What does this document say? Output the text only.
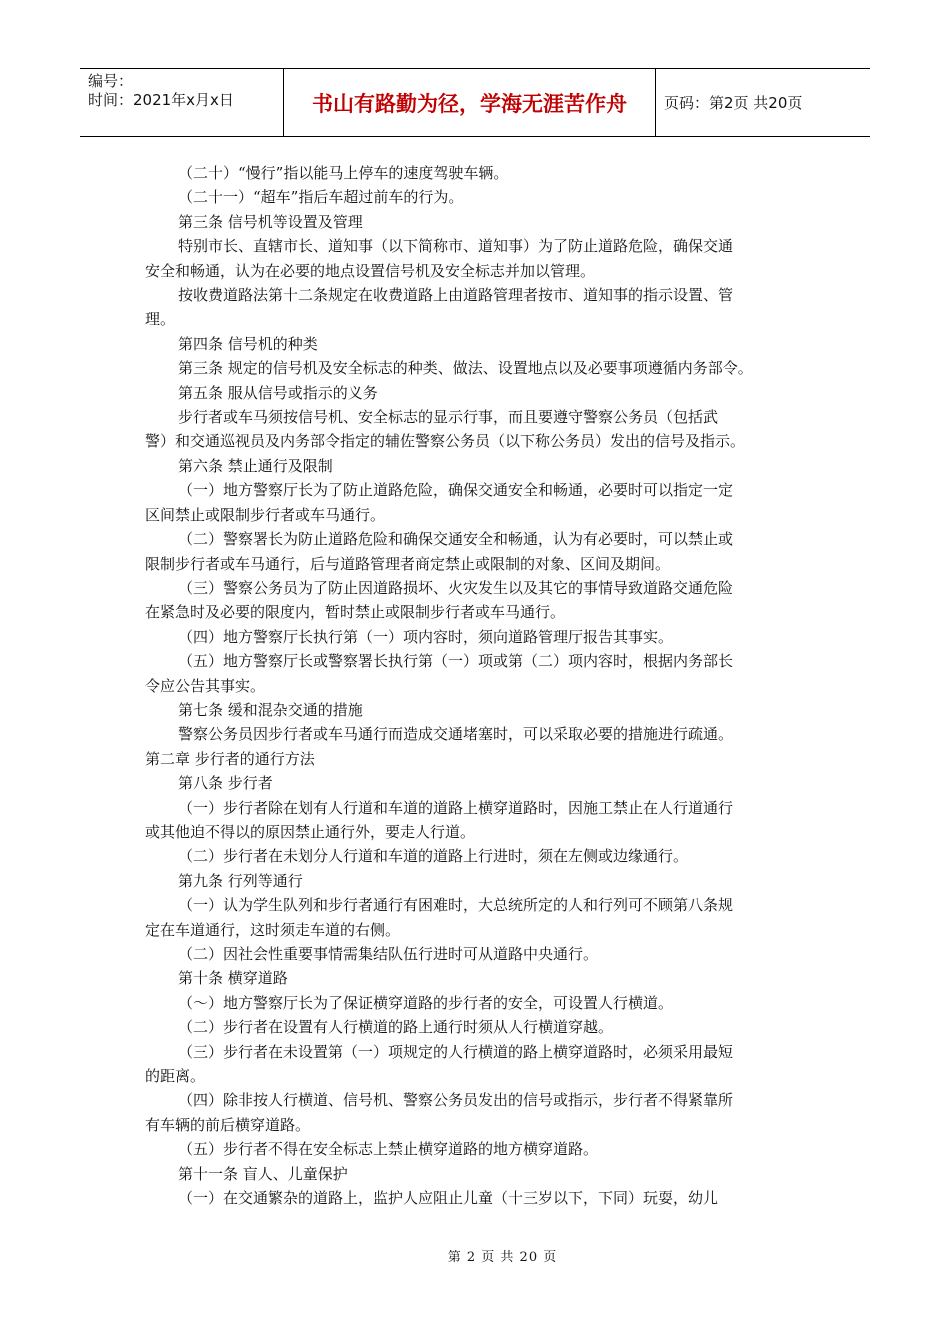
编号：
时间：2021年x月x日	书山有路勤为径，学海无涯苦作舟	页码：第2页 共20页
（二十）“慢行”指以能马上停车的速度驾驶车辆。
（二十一）“超车”指后车超过前车的行为。
第三条 信号机等设置及管理
特别市长、直辖市长、道知事（以下简称市、道知事）为了防止道路危险，确保交通
安全和畅通，认为在必要的地点设置信号机及安全标志并加以管理。
按收费道路法第十二条规定在收费道路上由道路管理者按市、道知事的指示设置、管
理。
第四条 信号机的种类
第三条 规定的信号机及安全标志的种类、做法、设置地点以及必要事项遵循内务部令。
第五条 服从信号或指示的义务
步行者或车马须按信号机、安全标志的显示行事，而且要遵守警察公务员（包括武
警）和交通巡视员及内务部令指定的辅佐警察公务员（以下称公务员）发出的信号及指示。
第六条 禁止通行及限制
（一）地方警察厅长为了防止道路危险，确保交通安全和畅通，必要时可以指定一定
区间禁止或限制步行者或车马通行。
（二）警察署长为防止道路危险和确保交通安全和畅通，认为有必要时，可以禁止或
限制步行者或车马通行，后与道路管理者商定禁止或限制的对象、区间及期间。
（三）警察公务员为了防止因道路损坏、火灾发生以及其它的事情导致道路交通危险
在紧急时及必要的限度内，暂时禁止或限制步行者或车马通行。
（四）地方警察厅长执行第（一）项内容时，须向道路管理厅报告其事实。
（五）地方警察厅长或警察署长执行第（一）项或第（二）项内容时，根据内务部长
令应公告其事实。
第七条 缓和混杂交通的措施
警察公务员因步行者或车马通行而造成交通堵塞时，可以采取必要的措施进行疏通。
第二章 步行者的通行方法
第八条 步行者
（一）步行者除在划有人行道和车道的道路上横穿道路时，因施工禁止在人行道通行
或其他迫不得以的原因禁止通行外，要走人行道。
（二）步行者在未划分人行道和车道的道路上行进时，须在左侧或边缘通行。
第九条 行列等通行
（一）认为学生队列和步行者通行有困难时，大总统所定的人和行列可不顾第八条规
定在车道通行，这时须走车道的右侧。
（二）因社会性重要事情需集结队伍行进时可从道路中央通行。
第十条 横穿道路
（～）地方警察厅长为了保证横穿道路的步行者的安全，可设置人行横道。
（二）步行者在设置有人行横道的路上通行时须从人行横道穿越。
（三）步行者在未设置第（一）项规定的人行横道的路上横穿道路时，必须采用最短
的距离。
（四）除非按人行横道、信号机、警察公务员发出的信号或指示，步行者不得紧靠所
有车辆的前后横穿道路。
（五）步行者不得在安全标志上禁止横穿道路的地方横穿道路。
第十一条 盲人、儿童保护
（一）在交通繁杂的道路上，监护人应阻止儿童（十三岁以下，下同）玩耍，幼儿
第 2 页 共 20 页
